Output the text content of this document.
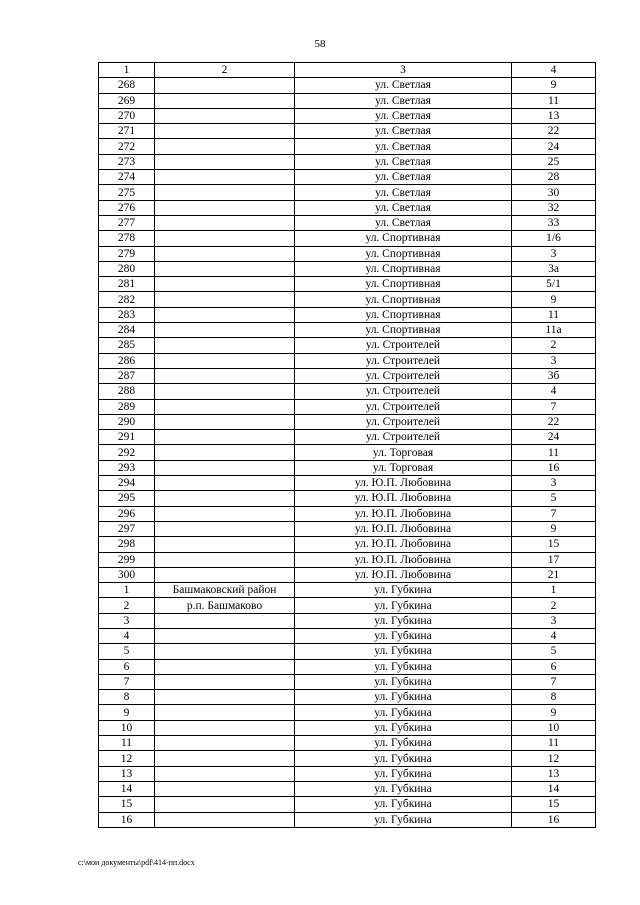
58
1	2	3	4
268		ул. Светлая	9
269		ул. Светлая	11
270		ул. Светлая	13
271		ул. Светлая	22
272		ул. Светлая	24
273		ул. Светлая	25
274		ул. Светлая	28
275		ул. Светлая	30
276		ул. Светлая	32
277		ул. Светлая	33
278		ул. Спортивная	1/6
279		ул. Спортивная	3
280		ул. Спортивная	3а
281		ул. Спортивная	5/1
282		ул. Спортивная	9
283		ул. Спортивная	11
284		ул. Спортивная	11а
285		ул. Строителей	2
286		ул. Строителей	3
287		ул. Строителей	3б
288		ул. Строителей	4
289		ул. Строителей	7
290		ул. Строителей	22
291		ул. Строителей	24
292		ул. Торговая	11
293		ул. Торговая	16
294		ул. Ю.П. Любовина	3
295		ул. Ю.П. Любовина	5
296		ул. Ю.П. Любовина	7
297		ул. Ю.П. Любовина	9
298		ул. Ю.П. Любовина	15
299		ул. Ю.П. Любовина	17
300		ул. Ю.П. Любовина	21
1	Башмаковский район	ул. Губкина	1
2	р.п. Башмаково	ул. Губкина	2
3		ул. Губкина	3
4		ул. Губкина	4
5		ул. Губкина	5
6		ул. Губкина	6
7		ул. Губкина	7
8		ул. Губкина	8
9		ул. Губкина	9
10		ул. Губкина	10
11		ул. Губкина	11
12		ул. Губкина	12
13		ул. Губкина	13
14		ул. Губкина	14
15		ул. Губкина	15
16		ул. Губкина	16
c:\мои документы\pdf\414-пп.docx
